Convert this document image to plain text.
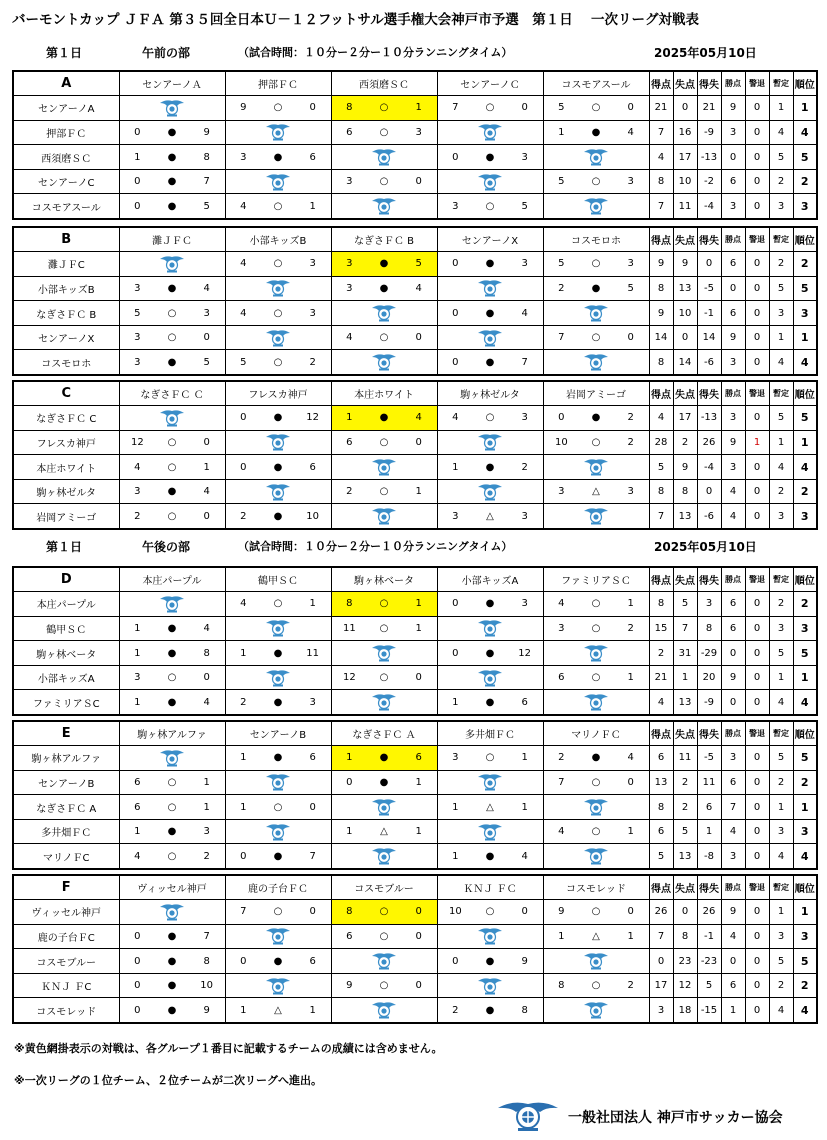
バーモントカップ ＪＦＡ 第３５回全日本Ｕ－１２フットサル選手権大会神戸市予選　第１日　 一次リーグ対戦表
第１日	午前の部	（試合時間：１０分ー２分ー１０分ランニングタイム）	2025年05月10日
第１日	午後の部	（試合時間：１０分ー２分ー１０分ランニングタイム）	2025年05月10日
A	センアーノＡ	押部ＦＣ	西須磨ＳＣ	センアーノＣ	コスモアスール	得点	失点	得失	勝点	警退	暫定	順位
センアーノA		9 ○ 0	8 ○ 1	7 ○ 0	5 ○ 0	21	0	21	9	0	1	1
押部ＦＣ	0 ● 9		6 ○ 3		1 ● 4	7	16	-9	3	0	4	4
西須磨ＳＣ	1 ● 8	3 ● 6		0 ● 3		4	17	-13	0	0	5	5
センアーノC	0 ● 7		3 ○ 0		5 ○ 3	8	10	-2	6	0	2	2
コスモアスール	0 ● 5	4 ○ 1		3 ○ 5		7	11	-4	3	0	3	3
B	灘ＪＦＣ	小部キッズB	なぎさＦＣ B	センアーノX	コスモロホ	得点	失点	得失	勝点	警退	暫定	順位
灘ＪＦC		4 ○ 3	3 ● 5	0 ● 3	5 ○ 3	9	9	0	6	0	2	2
小部キッズB	3 ● 4		3 ● 4		2 ● 5	8	13	-5	0	0	5	5
なぎさＦＣ B	5 ○ 3	4 ○ 3		0 ● 4		9	10	-1	6	0	3	3
センアーノX	3 ○ 0		4 ○ 0		7 ○ 0	14	0	14	9	0	1	1
コスモロホ	3 ● 5	5 ○ 2		0 ● 7		8	14	-6	3	0	4	4
C	なぎさＦＣ Ｃ	フレスカ神戸	本庄ホワイト	駒ヶ林ゼルタ	岩岡アミーゴ	得点	失点	得失	勝点	警退	暫定	順位
なぎさＦＣ C		0 ● 12	1 ● 4	4 ○ 3	0 ● 2	4	17	-13	3	0	5	5
フレスカ神戸	12 ○ 0		6 ○ 0		10 ○ 2	28	2	26	9	1	1	1
本庄ホワイト	4 ○ 1	0 ● 6		1 ● 2		5	9	-4	3	0	4	4
駒ヶ林ゼルタ	3 ● 4		2 ○ 1		3 △ 3	8	8	0	4	0	2	2
岩岡アミーゴ	2 ○ 0	2 ● 10		3 △ 3		7	13	-6	4	0	3	3
D	本庄パープル	鶴甲ＳＣ	駒ヶ林ベータ	小部キッズA	ファミリアＳＣ	得点	失点	得失	勝点	警退	暫定	順位
本庄パープル		4 ○ 1	8 ○ 1	0 ● 3	4 ○ 1	8	5	3	6	0	2	2
鶴甲ＳＣ	1 ● 4		11 ○ 1		3 ○ 2	15	7	8	6	0	3	3
駒ヶ林ベータ	1 ● 8	1 ● 11		0 ● 12		2	31	-29	0	0	5	5
小部キッズA	3 ○ 0		12 ○ 0		6 ○ 1	21	1	20	9	0	1	1
ファミリアＳC	1 ● 4	2 ● 3		1 ● 6		4	13	-9	0	0	4	4
E	駒ヶ林アルファ	センアーノB	なぎさＦＣ Ａ	多井畑ＦＣ	マリノＦＣ	得点	失点	得失	勝点	警退	暫定	順位
駒ヶ林アルファ		1 ● 6	1 ● 6	3 ○ 1	2 ● 4	6	11	-5	3	0	5	5
センアーノB	6 ○ 1		0 ● 1		7 ○ 0	13	2	11	6	0	2	2
なぎさＦＣ A	6 ○ 1	1 ○ 0		1 △ 1		8	2	6	7	0	1	1
多井畑ＦＣ	1 ● 3		1 △ 1		4 ○ 1	6	5	1	4	0	3	3
マリノＦC	4 ○ 2	0 ● 7		1 ● 4		5	13	-8	3	0	4	4
F	ヴィッセル神戸	鹿の子台ＦＣ	コスモブルー	ＫＮＪ ＦＣ	コスモレッド	得点	失点	得失	勝点	警退	暫定	順位
ヴィッセル神戸		7 ○ 0	8 ○ 0	10 ○ 0	9 ○ 0	26	0	26	9	0	1	1
鹿の子台ＦC	0 ● 7		6 ○ 0		1 △ 1	7	8	-1	4	0	3	3
コスモブルー	0 ● 8	0 ● 6		0 ● 9		0	23	-23	0	0	5	5
ＫＮＪ ＦC	0 ● 10		9 ○ 0		8 ○ 2	17	12	5	6	0	2	2
コスモレッド	0 ● 9	1 △ 1		2 ● 8		3	18	-15	1	0	4	4
※黄色網掛表示の対戦は、各グループ１番目に記載するチームの成績には含めません。
※一次リーグの１位チーム、２位チームが二次リーグへ進出。
一般社団法人 神戸市サッカー協会
